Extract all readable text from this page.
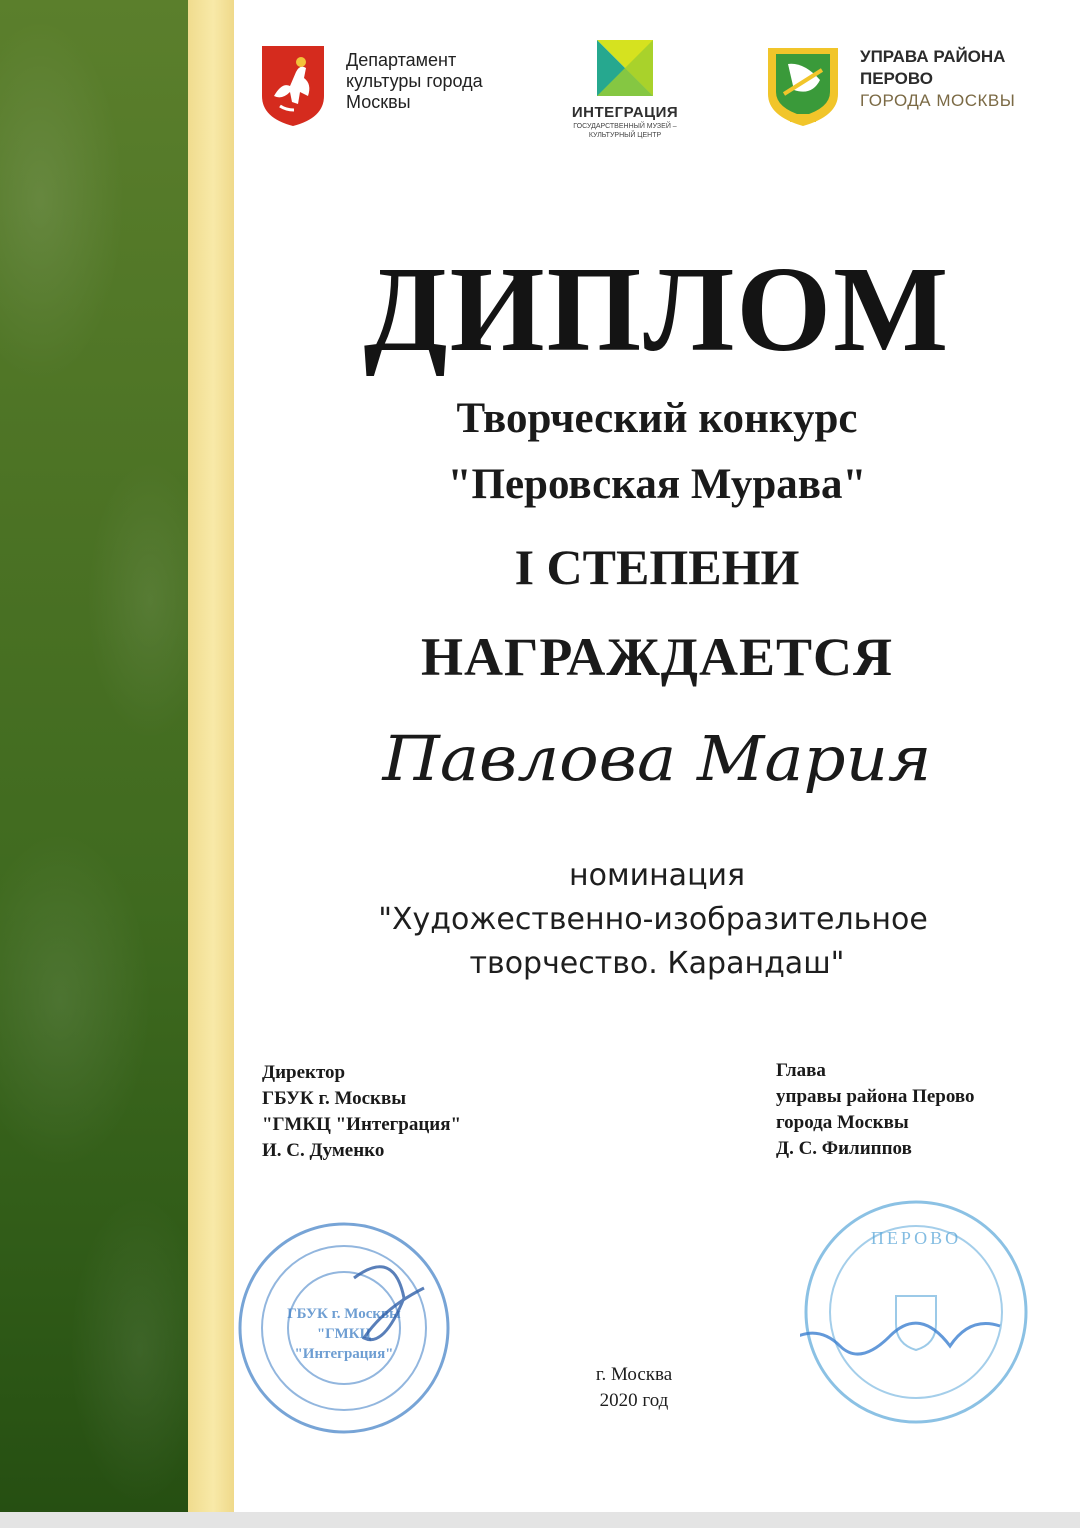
Департамент культуры города Москвы
ИНТЕГРАЦИЯ
ГОСУДАРСТВЕННЫЙ МУЗЕЙ – КУЛЬТУРНЫЙ ЦЕНТР
УПРАВА РАЙОНА
ПЕРОВО
ГОРОДА МОСКВЫ
ДИПЛОМ
Творческий конкурс
"Перовская Мурава"
I СТЕПЕНИ
НАГРАЖДАЕТСЯ
Павлова Мария
номинация
"Художественно-изобразительное
творчество. Карандаш"
Директор
ГБУК г. Москвы
"ГМКЦ "Интеграция"
И. С. Думенко
Глава
управы района Перово
города Москвы
Д. С. Филиппов
ГБУК г. Москвы
"ГМКЦ
"Интеграция"
ПЕРОВО
г. Москва
2020 год
